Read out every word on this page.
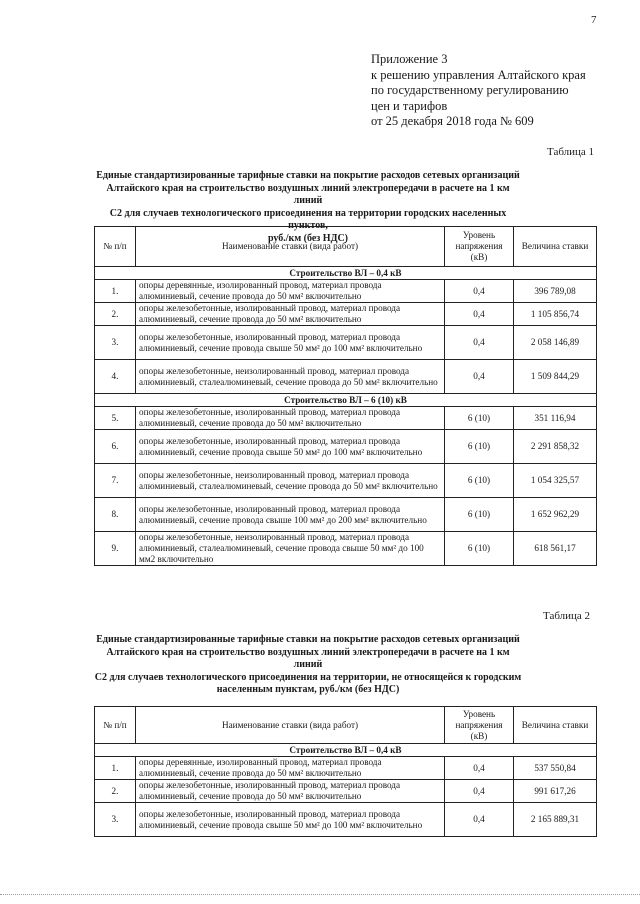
7
Приложение 3
к решению управления Алтайского края
по государственному регулированию
цен и тарифов
от 25 декабря 2018 года № 609
Таблица 1
Единые стандартизированные тарифные ставки на покрытие расходов сетевых организаций
Алтайского края на строительство воздушных линий электропередачи в расчете на 1 км линий
С2 для случаев технологического присоединения на территории городских населенных пунктов,
руб./км (без НДС)
№ п/п	Наименование ставки (вида работ)	Уровень напряжения (кВ)	Величина ставки
Строительство ВЛ – 0,4 кВ			
1.	опоры деревянные, изолированный провод, материал провода алюминиевый, сечение провода до 50 мм² включительно	0,4	396 789,08
2.	опоры железобетонные, изолированный провод, материал провода алюминиевый, сечение провода до 50 мм² включительно	0,4	1 105 856,74
3.	опоры железобетонные, изолированный провод, материал провода алюминиевый, сечение провода свыше 50 мм² до 100 мм² включительно	0,4	2 058 146,89
4.	опоры железобетонные, неизолированный провод, материал провода алюминиевый, сталеалюминевый, сечение провода до 50 мм² включительно	0,4	1 509 844,29
Строительство ВЛ – 6 (10) кВ			
5.	опоры железобетонные, изолированный провод, материал провода алюминиевый, сечение провода до 50 мм² включительно	6 (10)	351 116,94
6.	опоры железобетонные, изолированный провод, материал провода алюминиевый, сечение провода свыше 50 мм² до 100 мм² включительно	6 (10)	2 291 858,32
7.	опоры железобетонные, неизолированный провод, материал провода алюминиевый, сталеалюминевый, сечение провода до 50 мм² включительно	6 (10)	1 054 325,57
8.	опоры железобетонные, изолированный провод, материал провода алюминиевый, сечение провода свыше 100 мм² до 200 мм² включительно	6 (10)	1 652 962,29
9.	опоры железобетонные, неизолированный провод, материал провода алюминиевый, сталеалюминевый, сечение провода свыше 50 мм² до 100 мм2 включительно	6 (10)	618 561,17
Таблица 2
Единые стандартизированные тарифные ставки на покрытие расходов сетевых организаций
Алтайского края на строительство воздушных линий электропередачи в расчете на 1 км линий
С2 для случаев технологического присоединения на территории, не относящейся к городским
населенным пунктам, руб./км (без НДС)
№ п/п	Наименование ставки (вида работ)	Уровень напряжения (кВ)	Величина ставки
Строительство ВЛ – 0,4 кВ			
1.	опоры деревянные, изолированный провод, материал провода алюминиевый, сечение провода до 50 мм² включительно	0,4	537 550,84
2.	опоры железобетонные, изолированный провод, материал провода алюминиевый, сечение провода до 50 мм² включительно	0,4	991 617,26
3.	опоры железобетонные, изолированный провод, материал провода алюминиевый, сечение провода свыше 50 мм² до 100 мм² включительно	0,4	2 165 889,31
